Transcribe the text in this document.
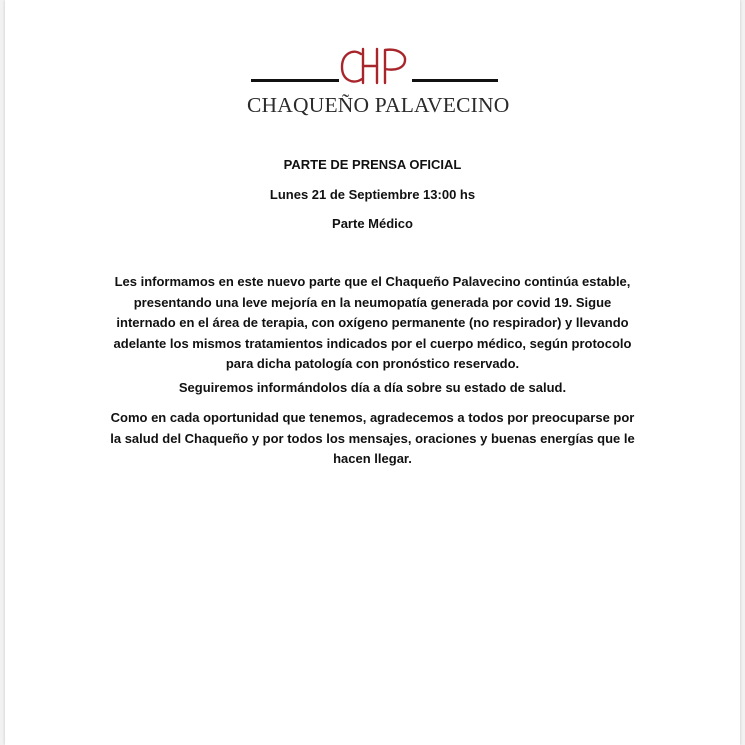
CHAQUEÑO PALAVECINO
PARTE DE PRENSA OFICIAL
Lunes 21 de Septiembre 13:00 hs
Parte Médico
Les informamos en este nuevo parte que el Chaqueño Palavecino continúa estable,
presentando una leve mejoría en la neumopatía generada por covid 19. Sigue
internado en el área de terapia, con oxígeno permanente (no respirador) y llevando
adelante los mismos tratamientos indicados por el cuerpo médico, según protocolo
para dicha patología con pronóstico reservado.
Seguiremos informándolos día a día sobre su estado de salud.
Como en cada oportunidad que tenemos, agradecemos a todos por preocuparse por
la salud del Chaqueño y por todos los mensajes, oraciones y buenas energías que le
hacen llegar.
